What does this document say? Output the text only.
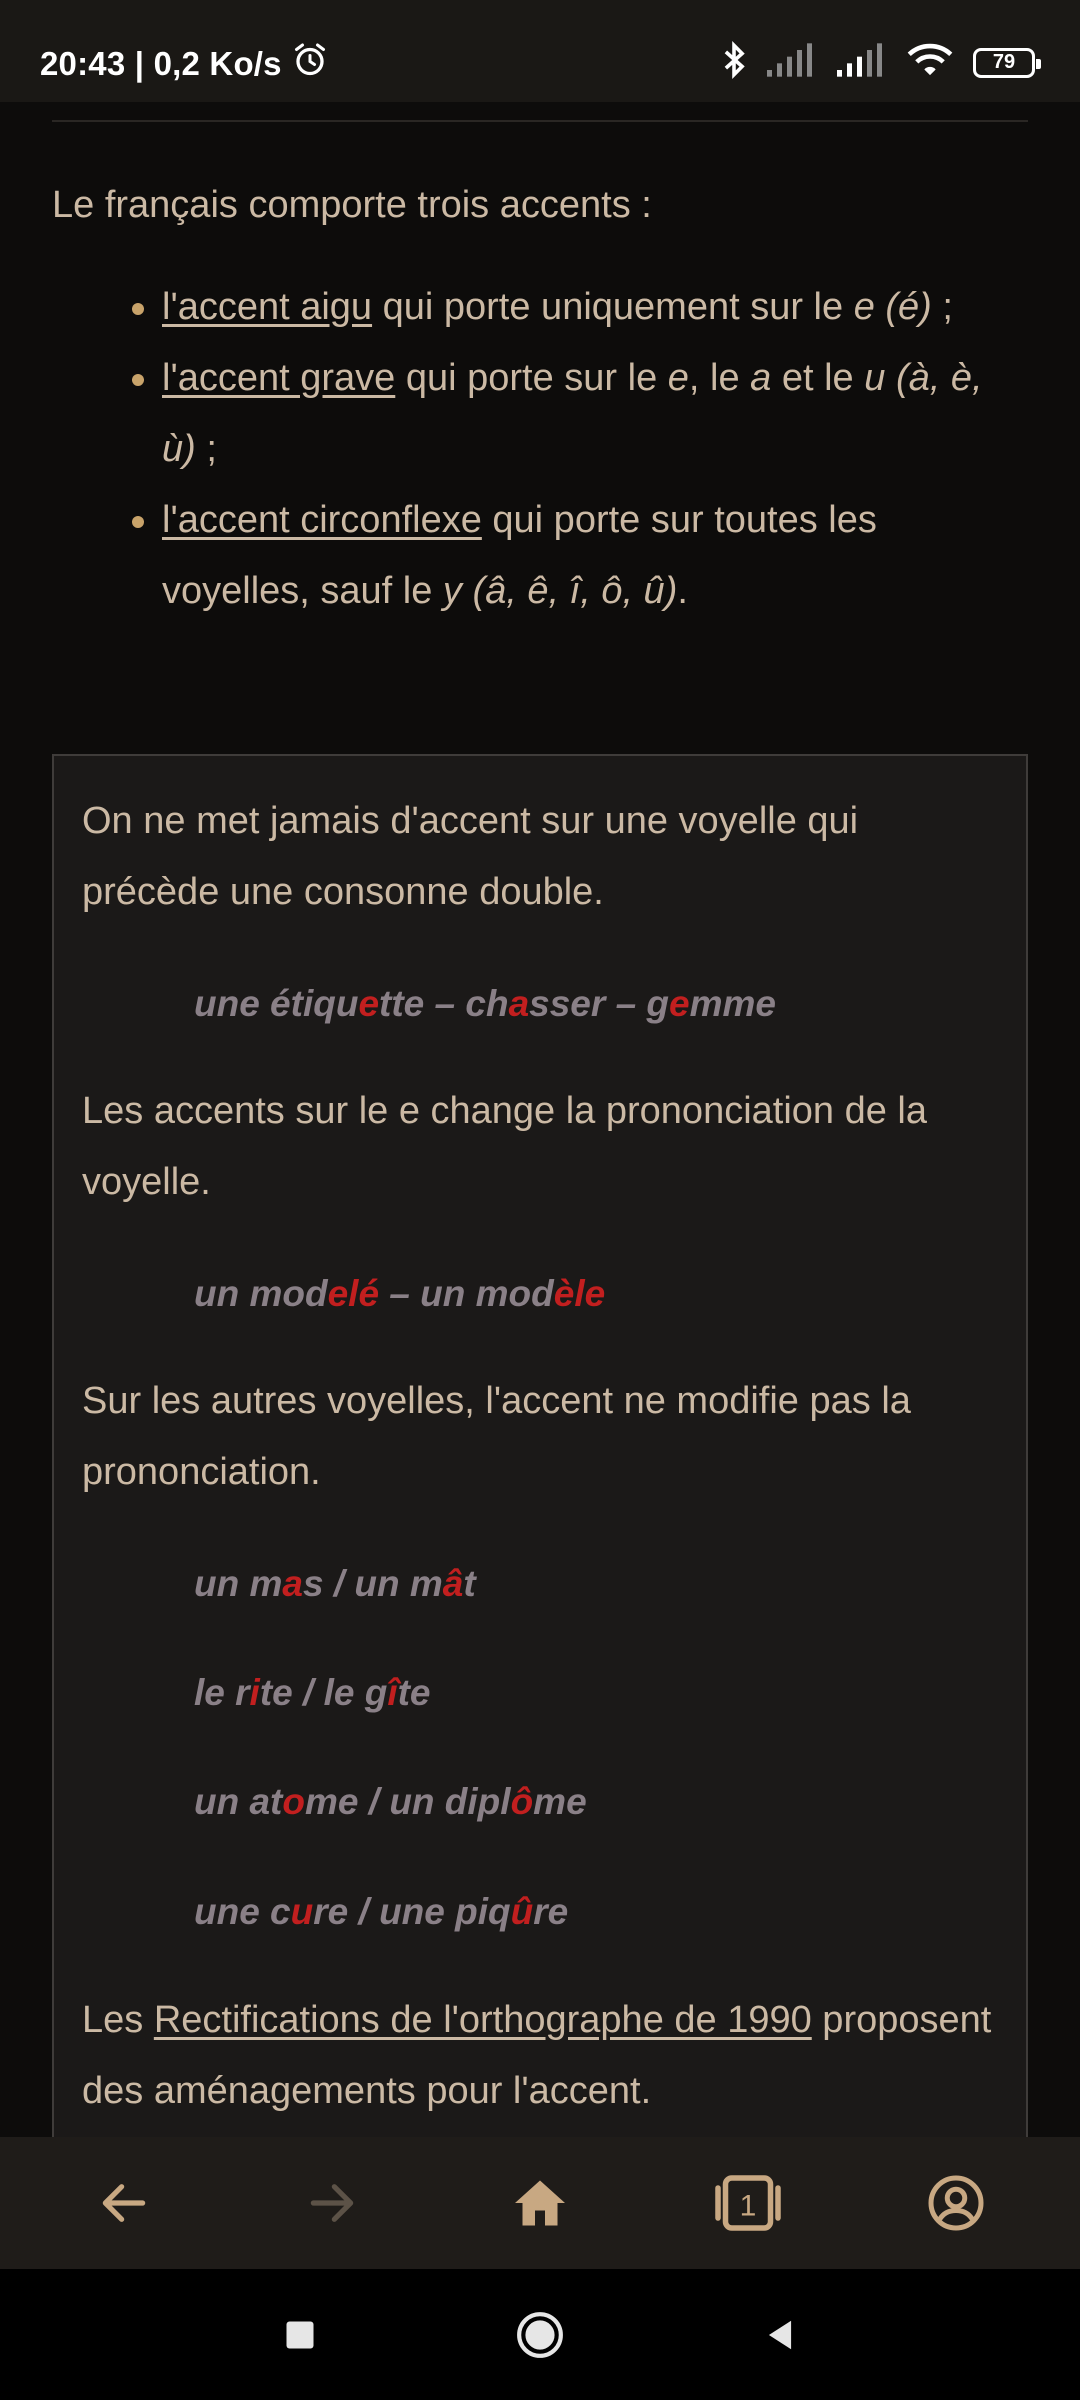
20:43 | 0,2 Ko/s	79
Le français comporte trois accents :
l'accent aigu qui porte uniquement sur le e (é) ;
l'accent grave qui porte sur le e, le a et le u (à, è, ù) ;
l'accent circonflexe qui porte sur toutes les voyelles, sauf le y (â, ê, î, ô, û).

On ne met jamais d'accent sur une voyelle qui précède une consonne double.

une étiquette – chasser – gemme

Les accents sur le e change la prononciation de la voyelle.

un modelé – un modèle

Sur les autres voyelles, l'accent ne modifie pas la prononciation.

un mas / un mât

le rite / le gîte

un atome / un diplôme

une cure / une piqûre

Les Rectifications de l'orthographe de 1990 proposent des aménagements pour l'accent.

1
